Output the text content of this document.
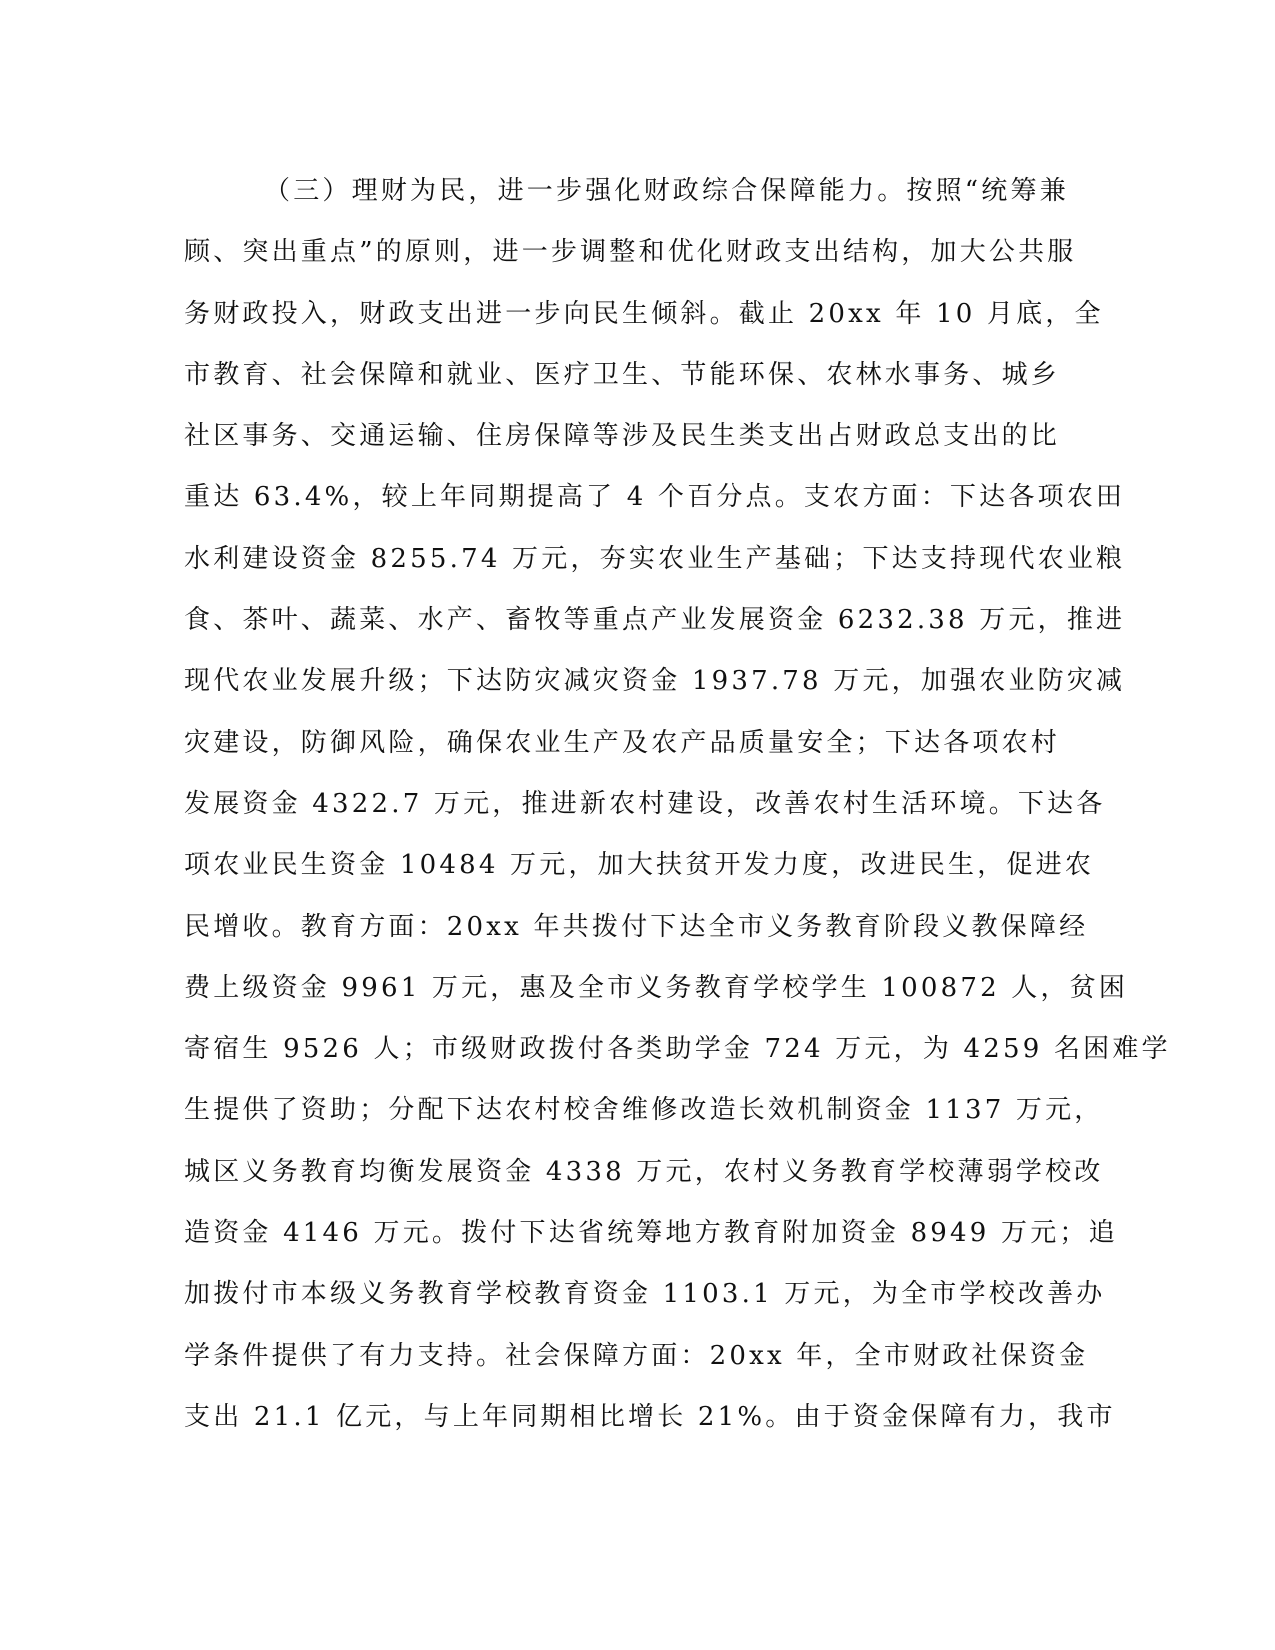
（三）理财为民，进一步强化财政综合保障能力。按照“统筹兼
顾、突出重点”的原则，进一步调整和优化财政支出结构，加大公共服
务财政投入，财政支出进一步向民生倾斜。截止 20xx 年 10 月底，全
市教育、社会保障和就业、医疗卫生、节能环保、农林水事务、城乡
社区事务、交通运输、住房保障等涉及民生类支出占财政总支出的比
重达 63.4%，较上年同期提高了 4 个百分点。支农方面：下达各项农田
水利建设资金 8255.74 万元，夯实农业生产基础；下达支持现代农业粮
食、茶叶、蔬菜、水产、畜牧等重点产业发展资金 6232.38 万元，推进
现代农业发展升级；下达防灾减灾资金 1937.78 万元，加强农业防灾减
灾建设，防御风险，确保农业生产及农产品质量安全；下达各项农村
发展资金 4322.7 万元，推进新农村建设，改善农村生活环境。下达各
项农业民生资金 10484 万元，加大扶贫开发力度，改进民生，促进农
民增收。教育方面：20xx 年共拨付下达全市义务教育阶段义教保障经
费上级资金 9961 万元，惠及全市义务教育学校学生 100872 人，贫困
寄宿生 9526 人；市级财政拨付各类助学金 724 万元，为 4259 名困难学
生提供了资助；分配下达农村校舍维修改造长效机制资金 1137 万元，
城区义务教育均衡发展资金 4338 万元，农村义务教育学校薄弱学校改
造资金 4146 万元。拨付下达省统筹地方教育附加资金 8949 万元；追
加拨付市本级义务教育学校教育资金 1103.1 万元，为全市学校改善办
学条件提供了有力支持。社会保障方面：20xx 年，全市财政社保资金
支出 21.1 亿元，与上年同期相比增长 21%。由于资金保障有力，我市
